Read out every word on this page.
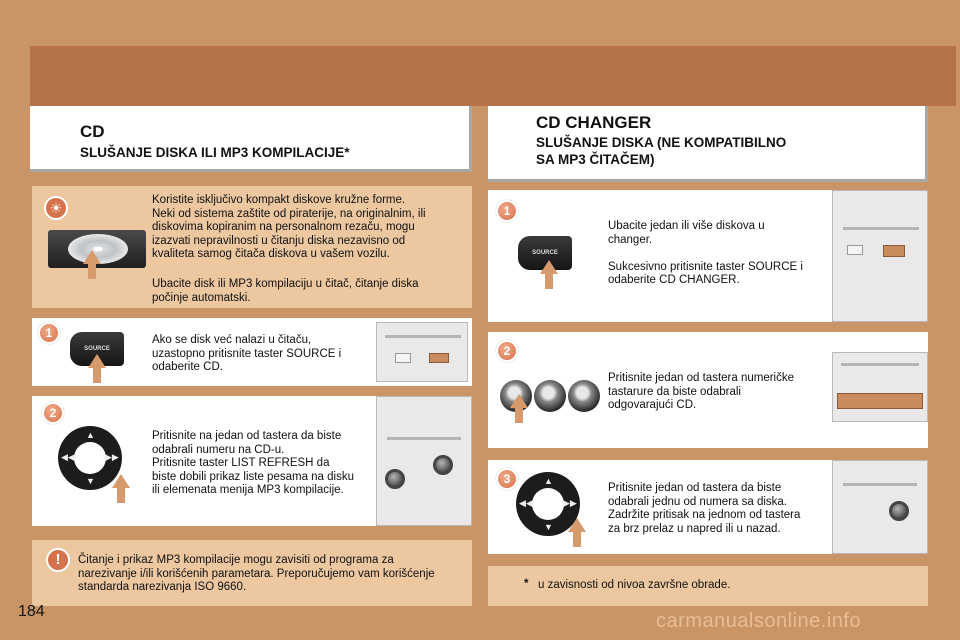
CD
SLUŠANJE DISKA ILI MP3 KOMPILACIJE*
CD CHANGER
SLUŠANJE DISKA (NE KOMPATIBILNO
SA MP3 ČITAČEM)
☀	Koristite isključivo kompakt diskove kružne forme.
Neki od sistema zaštite od piraterije, na originalnim, ili
diskovima kopiranim na personalnom rezaču, mogu
izazvati nepravilnosti u čitanju diska nezavisno od
kvaliteta samog čitača diskova u vašem vozilu.
Ubacite disk ili MP3 kompilaciju u čitač, čitanje diska
počinje automatski.
1
SOURCE
Ako se disk već nalazi u čitaču,
uzastopno pritisnite taster SOURCE i
odaberite CD.
2
▲
▼
◀◀	▶▶
Pritisnite na jedan od tastera da biste
odabrali numeru na CD-u.
Pritisnite taster LIST REFRESH da
biste dobili prikaz liste pesama na disku
ili elemenata menija MP3 kompilacije.
!	Čitanje i prikaz MP3 kompilacije mogu zavisiti od programa za
narezivanje i/ili korišćenih parametara. Preporučujemo vam korišćenje
standarda narezivanja ISO 9660.
1
SOURCE
Ubacite jedan ili više diskova u
changer.

Sukcesivno pritisnite taster SOURCE i
odaberite CD CHANGER.
2
Pritisnite jedan od tastera numeričke
tastarure da biste odabrali
odgovarajući CD.
3	▲
▼
◀◀	▶▶
Pritisnite jedan od tastera da biste
odabrali jednu od numera sa diska.
Zadržite pritisak na jednom od tastera
za brz prelaz u napred ili u nazad.
* u zavisnosti od nivoa završne obrade.
184	carmanualsonline.info
